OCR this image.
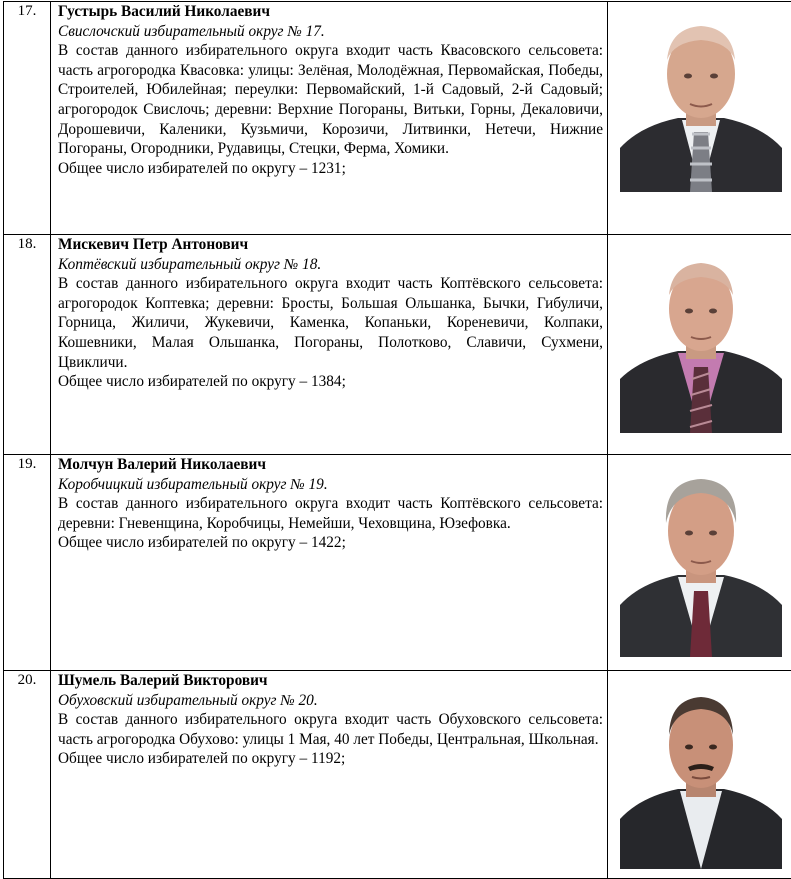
17.	Густырь Василий Николаевич
Свислочский избирательный округ № 17.
В состав данного избирательного округа входит часть Квасовского сельсовета: часть агрогородка Квасовка: улицы: Зелёная, Молодёжная, Первомайская, Победы, Строителей, Юбилейная; переулки: Первомайский, 1-й Садовый, 2-й Садовый; агрогородок Свислочь; деревни: Верхние Погораны, Витьки, Горны, Декаловичи, Дорошевичи, Каленики, Кузьмичи, Корозичи, Литвинки, Нетечи, Нижние Погораны, Огородники, Рудавицы, Стецки, Ферма, Хомики.
Общее число избирателей по округу – 1231;

18.	Мискевич Петр Антонович
Коптёвский избирательный округ № 18.
В состав данного избирательного округа входит часть Коптёвского сельсовета: агрогородок Коптевка; деревни: Бросты, Большая Ольшанка, Бычки, Гибуличи, Горница, Жиличи, Жукевичи, Каменка, Копаньки, Кореневичи, Колпаки, Кошевники, Малая Ольшанка, Погораны, Полотково, Славичи, Сухмени, Цвикличи.
Общее число избирателей по округу – 1384;

19.	Молчун Валерий Николаевич
Коробчицкий избирательный округ № 19.
В состав данного избирательного округа входит часть Коптёвского сельсовета: деревни: Гневенщина, Коробчицы, Немейши, Чеховщина, Юзефовка.
Общее число избирателей по округу – 1422;

20.	Шумель Валерий Викторович
Обуховский избирательный округ № 20.
В состав данного избирательного округа входит часть Обуховского сельсовета: часть агрогородка Обухово: улицы 1 Мая, 40 лет Победы, Центральная, Школьная.
Общее число избирателей по округу – 1192;
